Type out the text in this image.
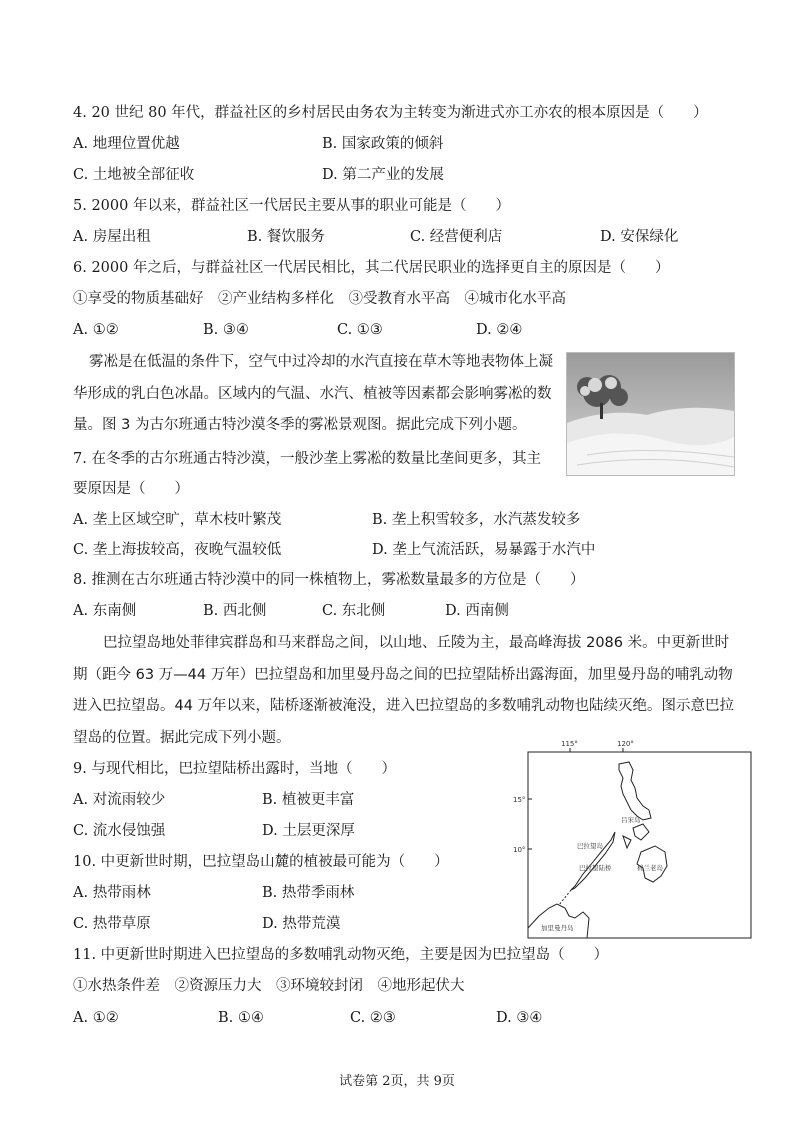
4. 20 世纪 80 年代，群益社区的乡村居民由务农为主转变为渐进式亦工亦农的根本原因是（　　）
A. 地理位置优越	B. 国家政策的倾斜
C. 土地被全部征收	D. 第二产业的发展
5. 2000 年以来，群益社区一代居民主要从事的职业可能是（　　）
A. 房屋出租	B. 餐饮服务	C. 经营便利店	D. 安保绿化
6. 2000 年之后，与群益社区一代居民相比，其二代居民职业的选择更自主的原因是（　　）
①享受的物质基础好　②产业结构多样化　③受教育水平高　④城市化水平高
A. ①②	B. ③④	C. ①③	D. ②④
雾凇是在低温的条件下，空气中过冷却的水汽直接在草木等地表物体上凝华形成的乳白色冰晶。区域内的气温、水汽、植被等因素都会影响雾凇的数量。图 3 为古尔班通古特沙漠冬季的雾凇景观图。据此完成下列小题。
7. 在冬季的古尔班通古特沙漠，一般沙垄上雾凇的数量比垄间更多，其主
要原因是（　　）
A. 垄上区域空旷，草木枝叶繁茂	B. 垄上积雪较多，水汽蒸发较多
C. 垄上海拔较高，夜晚气温较低	D. 垄上气流活跃，易暴露于水汽中
8. 推测在古尔班通古特沙漠中的同一株植物上，雾凇数量最多的方位是（　　）
A. 东南侧	B. 西北侧	C. 东北侧	D. 西南侧
巴拉望岛地处菲律宾群岛和马来群岛之间，以山地、丘陵为主，最高峰海拔 2086 米。中更新世时期（距今 63 万—44 万年）巴拉望岛和加里曼丹岛之间的巴拉望陆桥出露海面，加里曼丹岛的哺乳动物进入巴拉望岛。44 万年以来，陆桥逐渐被淹没，进入巴拉望岛的多数哺乳动物也陆续灭绝。图示意巴拉望岛的位置。据此完成下列小题。	115°	120°
15°
10°
吕宋岛
棉兰老岛
巴拉望岛
巴拉望陆桥
加里曼丹岛
9. 与现代相比，巴拉望陆桥出露时，当地（　　）
A. 对流雨较少	B. 植被更丰富
C. 流水侵蚀强	D. 土层更深厚
10. 中更新世时期，巴拉望岛山麓的植被最可能为（　　）
A. 热带雨林	B. 热带季雨林
C. 热带草原	D. 热带荒漠
11. 中更新世时期进入巴拉望岛的多数哺乳动物灭绝，主要是因为巴拉望岛（　　）
①水热条件差　②资源压力大　③环境较封闭　④地形起伏大
A. ①②	B. ①④	C. ②③	D. ③④
试卷第 2页，共 9页
